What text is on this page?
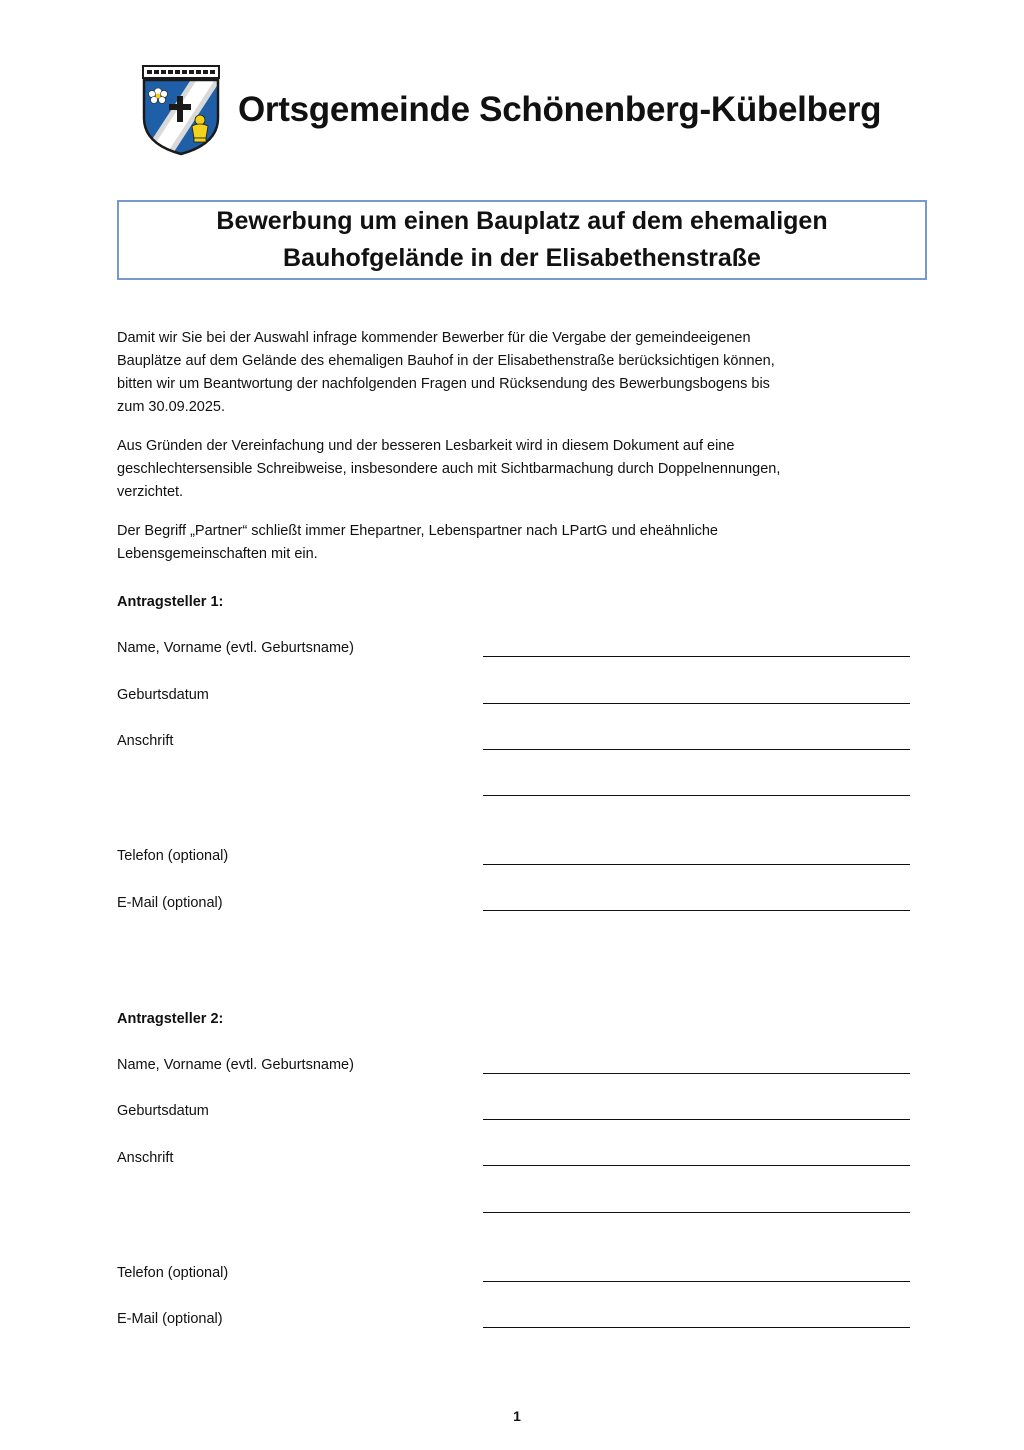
Ortsgemeinde Schönenberg-Kübelberg
Bewerbung um einen Bauplatz auf dem ehemaligen
Bauhofgelände in der Elisabethenstraße

Damit wir Sie bei der Auswahl infrage kommender Bewerber für die Vergabe der gemeindeeigenen
Bauplätze auf dem Gelände des ehemaligen Bauhof in der Elisabethenstraße berücksichtigen können,
bitten wir um Beantwortung der nachfolgenden Fragen und Rücksendung des Bewerbungsbogens bis
zum 30.09.2025.

Aus Gründen der Vereinfachung und der besseren Lesbarkeit wird in diesem Dokument auf eine
geschlechtersensible Schreibweise, insbesondere auch mit Sichtbarmachung durch Doppelnennungen,
verzichtet.

Der Begriff „Partner“ schließt immer Ehepartner, Lebenspartner nach LPartG und eheähnliche
Lebensgemeinschaften mit ein.

Antragsteller 1:
Name, Vorname (evtl. Geburtsname)
Geburtsdatum
Anschrift
Telefon (optional)
E-Mail (optional)
Antragsteller 2:
Name, Vorname (evtl. Geburtsname)
Geburtsdatum
Anschrift
Telefon (optional)
E-Mail (optional)
1
